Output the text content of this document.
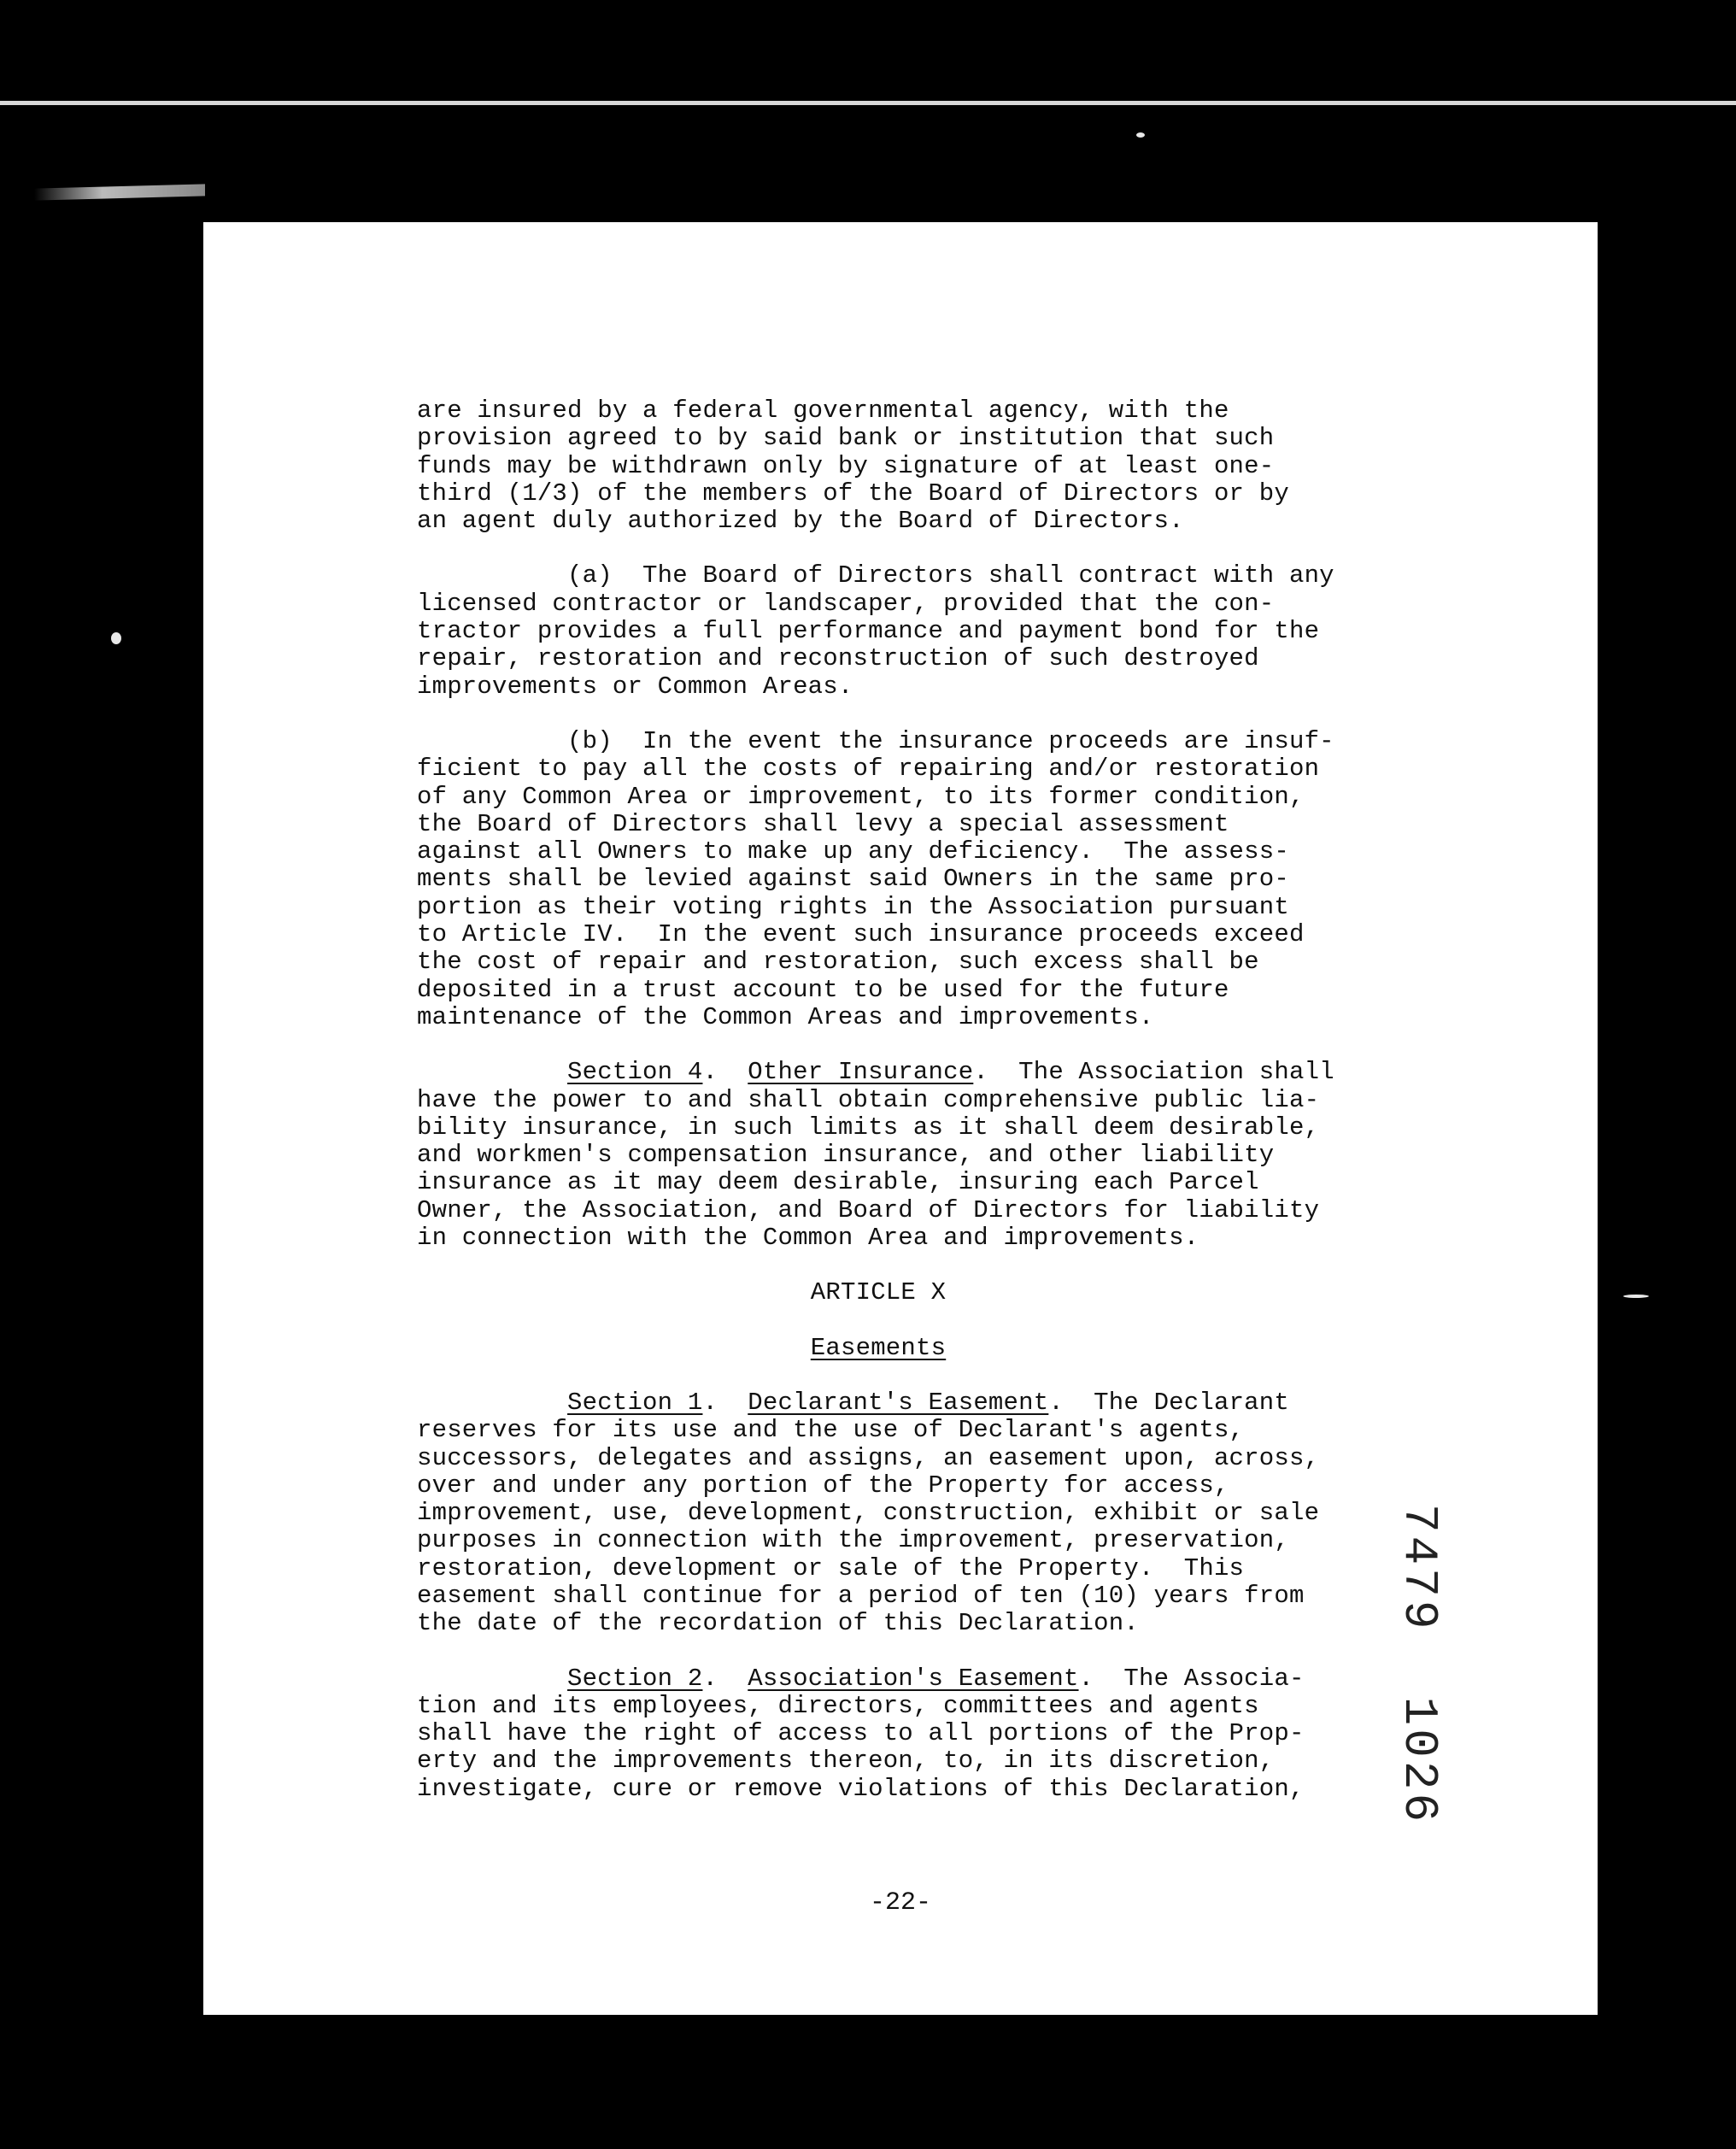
are insured by a federal governmental agency, with the
provision agreed to by said bank or institution that such
funds may be withdrawn only by signature of at least one-
third (1/3) of the members of the Board of Directors or by
an agent duly authorized by the Board of Directors.

(a)  The Board of Directors shall contract with any
licensed contractor or landscaper, provided that the con-
tractor provides a full performance and payment bond for the
repair, restoration and reconstruction of such destroyed
improvements or Common Areas.

(b)  In the event the insurance proceeds are insuf-
ficient to pay all the costs of repairing and/or restoration
of any Common Area or improvement, to its former condition,
the Board of Directors shall levy a special assessment
against all Owners to make up any deficiency.  The assess-
ments shall be levied against said Owners in the same pro-
portion as their voting rights in the Association pursuant
to Article IV.  In the event such insurance proceeds exceed
the cost of repair and restoration, such excess shall be
deposited in a trust account to be used for the future
maintenance of the Common Areas and improvements.

Section 4.  Other Insurance.  The Association shall
have the power to and shall obtain comprehensive public lia-
bility insurance, in such limits as it shall deem desirable,
and workmen's compensation insurance, and other liability
insurance as it may deem desirable, insuring each Parcel
Owner, the Association, and Board of Directors for liability
in connection with the Common Area and improvements.

ARTICLE X

Easements

Section 1.  Declarant's Easement.  The Declarant
reserves for its use and the use of Declarant's agents,
successors, delegates and assigns, an easement upon, across,
over and under any portion of the Property for access,
improvement, use, development, construction, exhibit or sale
purposes in connection with the improvement, preservation,
restoration, development or sale of the Property.  This
easement shall continue for a period of ten (10) years from
the date of the recordation of this Declaration.

Section 2.  Association's Easement.  The Associa-
tion and its employees, directors, committees and agents
shall have the right of access to all portions of the Prop-
erty and the improvements thereon, to, in its discretion,
investigate, cure or remove violations of this Declaration,

-22-
7479  1026
